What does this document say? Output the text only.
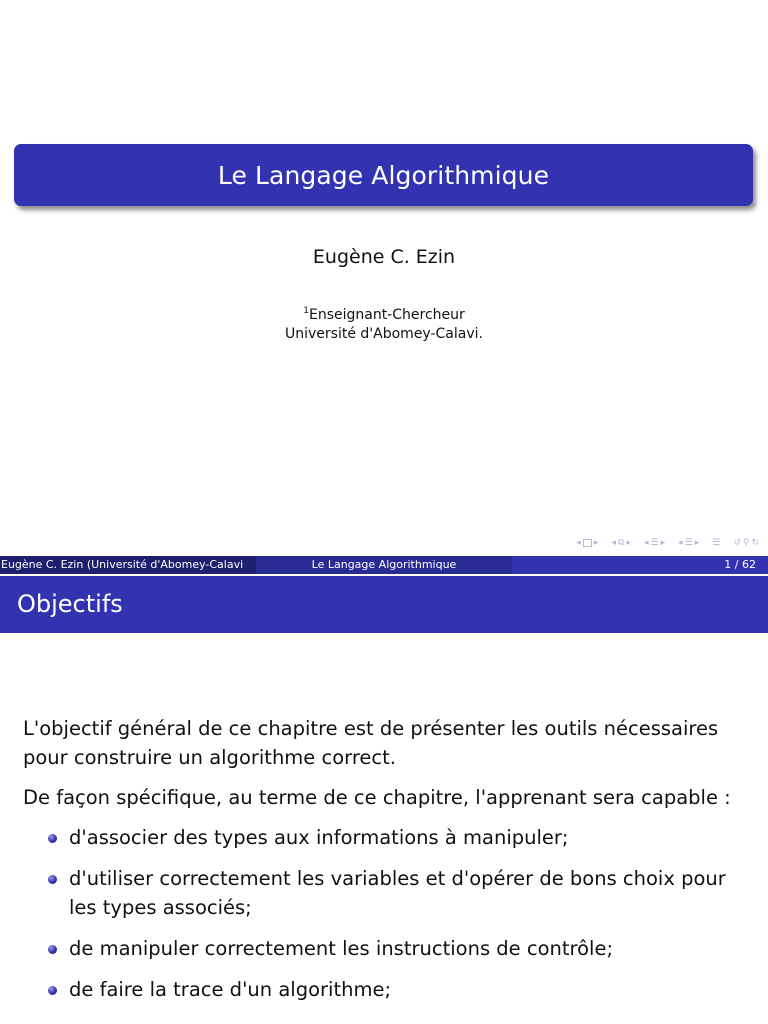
Le Langage Algorithmique
Eugène C. Ezin
$^1$Enseignant-Chercheur
Université d'Abomey-Calavi.
◂ ▸ ◂ ⧉ ▸ ◂ ☰ ▸ ◂ ☰ ▸ ☰ ↺ ⚲ ↻
Eugène C. Ezin (Université d'Abomey-Calavi	Le Langage Algorithmique	1 / 62
Objectifs

L'objectif général de ce chapitre est de présenter les outils nécessaires pour construire un algorithme correct.

De façon spécifique, au terme de ce chapitre, l'apprenant sera capable :

d'associer des types aux informations à manipuler;
d'utiliser correctement les variables et d'opérer de bons choix pour les types associés;
de manipuler correctement les instructions de contrôle;
de faire la trace d'un algorithme;
